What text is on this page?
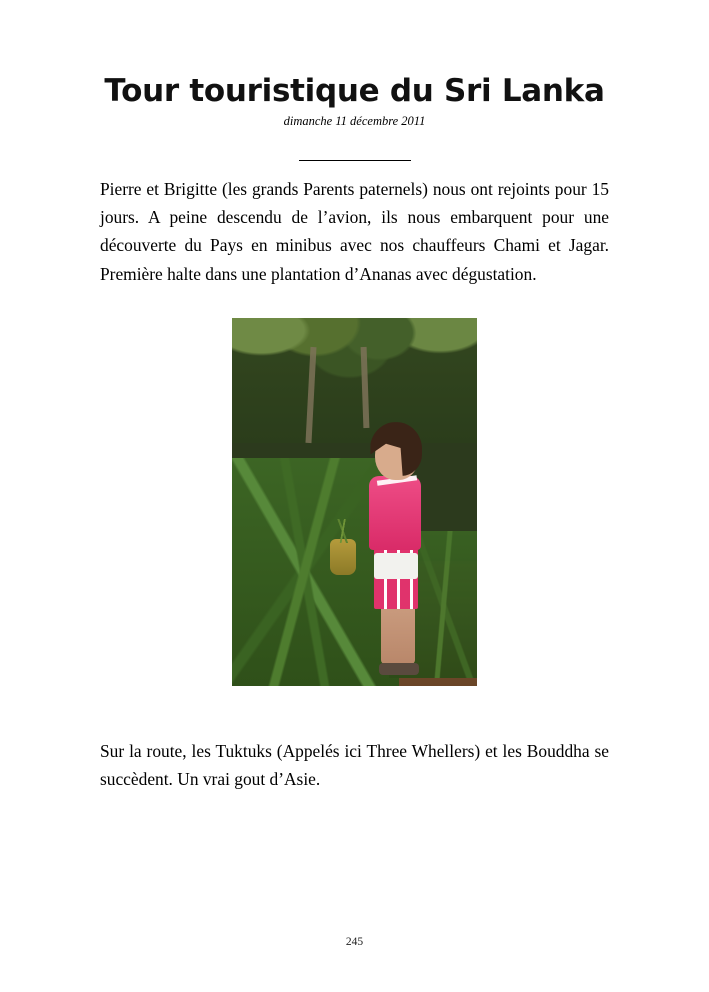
Tour touristique du Sri Lanka
dimanche 11 décembre 2011

Pierre et Brigitte (les grands Parents paternels) nous ont rejoints pour 15 jours. A peine descendu de l’avion, ils nous embarquent pour une découverte du Pays en minibus avec nos chauffeurs Chami et Jagar. Première halte dans une plantation d’Ananas avec dégustation.

Sur la route, les Tuktuks (Appelés ici Three Whellers) et les Bouddha se succèdent. Un vrai gout d’Asie.

245
